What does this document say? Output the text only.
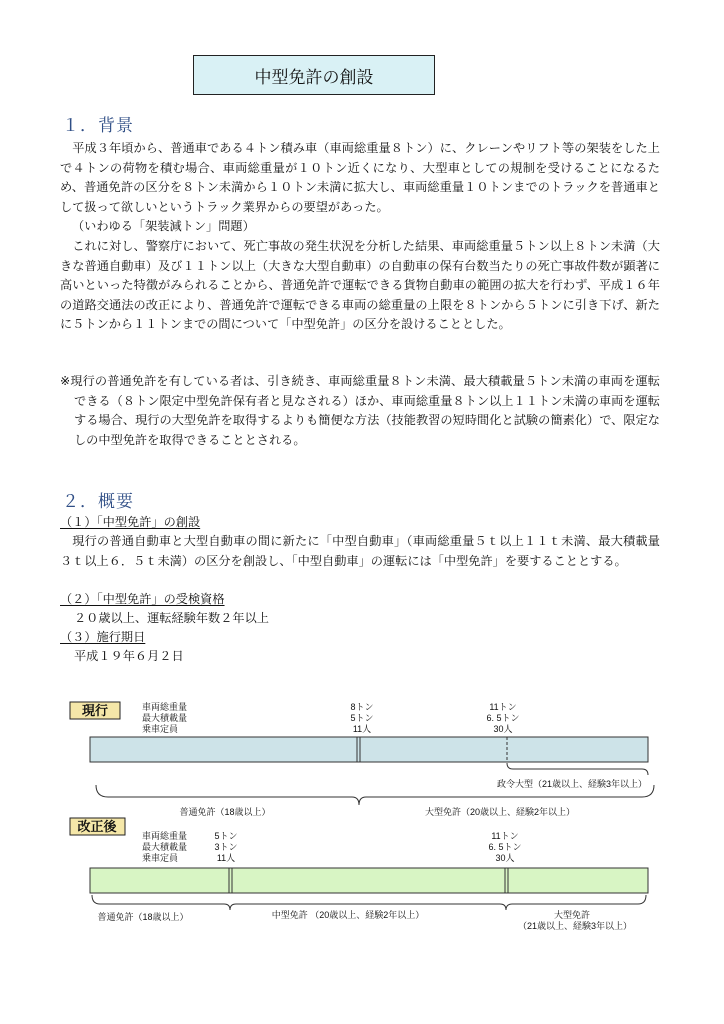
中型免許の創設
１．背景

平成３年頃から、普通車である４トン積み車（車両総重量８トン）に、クレーンやリフト等の架装をした上で４トンの荷物を積む場合、車両総重量が１０トン近くになり、大型車としての規制を受けることになるため、普通免許の区分を８トン未満から１０トン未満に拡大し、車両総重量１０トンまでのトラックを普通車として扱って欲しいというトラック業界からの要望があった。

（いわゆる「架装減トン」問題）

これに対し、警察庁において、死亡事故の発生状況を分析した結果、車両総重量５トン以上８トン未満（大きな普通自動車）及び１１トン以上（大きな大型自動車）の自動車の保有台数当たりの死亡事故件数が顕著に高いといった特徴がみられることから、普通免許で運転できる貨物自動車の範囲の拡大を行わず、平成１６年の道路交通法の改正により、普通免許で運転できる車両の総重量の上限を８トンから５トンに引き下げ、新たに５トンから１１トンまでの間について「中型免許」の区分を設けることとした。

※現行の普通免許を有している者は、引き続き、車両総重量８トン未満、最大積載量５トン未満の車両を運転できる（８トン限定中型免許保有者と見なされる）ほか、車両総重量８トン以上１１トン未満の車両を運転する場合、現行の大型免許を取得するよりも簡便な方法（技能教習の短時間化と試験の簡素化）で、限定なしの中型免許を取得できることとされる。

２．概要
（１）「中型免許」の創設

現行の普通自動車と大型自動車の間に新たに「中型自動車」（車両総重量５ｔ以上１１ｔ未満、最大積載量３ｔ以上６．５ｔ未満）の区分を創設し、「中型自動車」の運転には「中型免許」を要することとする。

（２）「中型免許」の受検資格
２０歳以上、運転経験年数２年以上
（３）施行期日
平成１９年６月２日
現行	車両総重量
最大積載量
乗車定員
8トン
5トン
11人
11トン
6. 5トン
30人
政令大型（21歳以上、経験3年以上）
普通免許（18歳以上）	大型免許（20歳以上、経験2年以上）
改正後
車両総重量
最大積載量
乗車定員
5トン
3トン
11人
11トン
6. 5トン
30人
普通免許（18歳以上）	中型免許 （20歳以上、経験2年以上）	大型免許
（21歳以上、経験3年以上）
